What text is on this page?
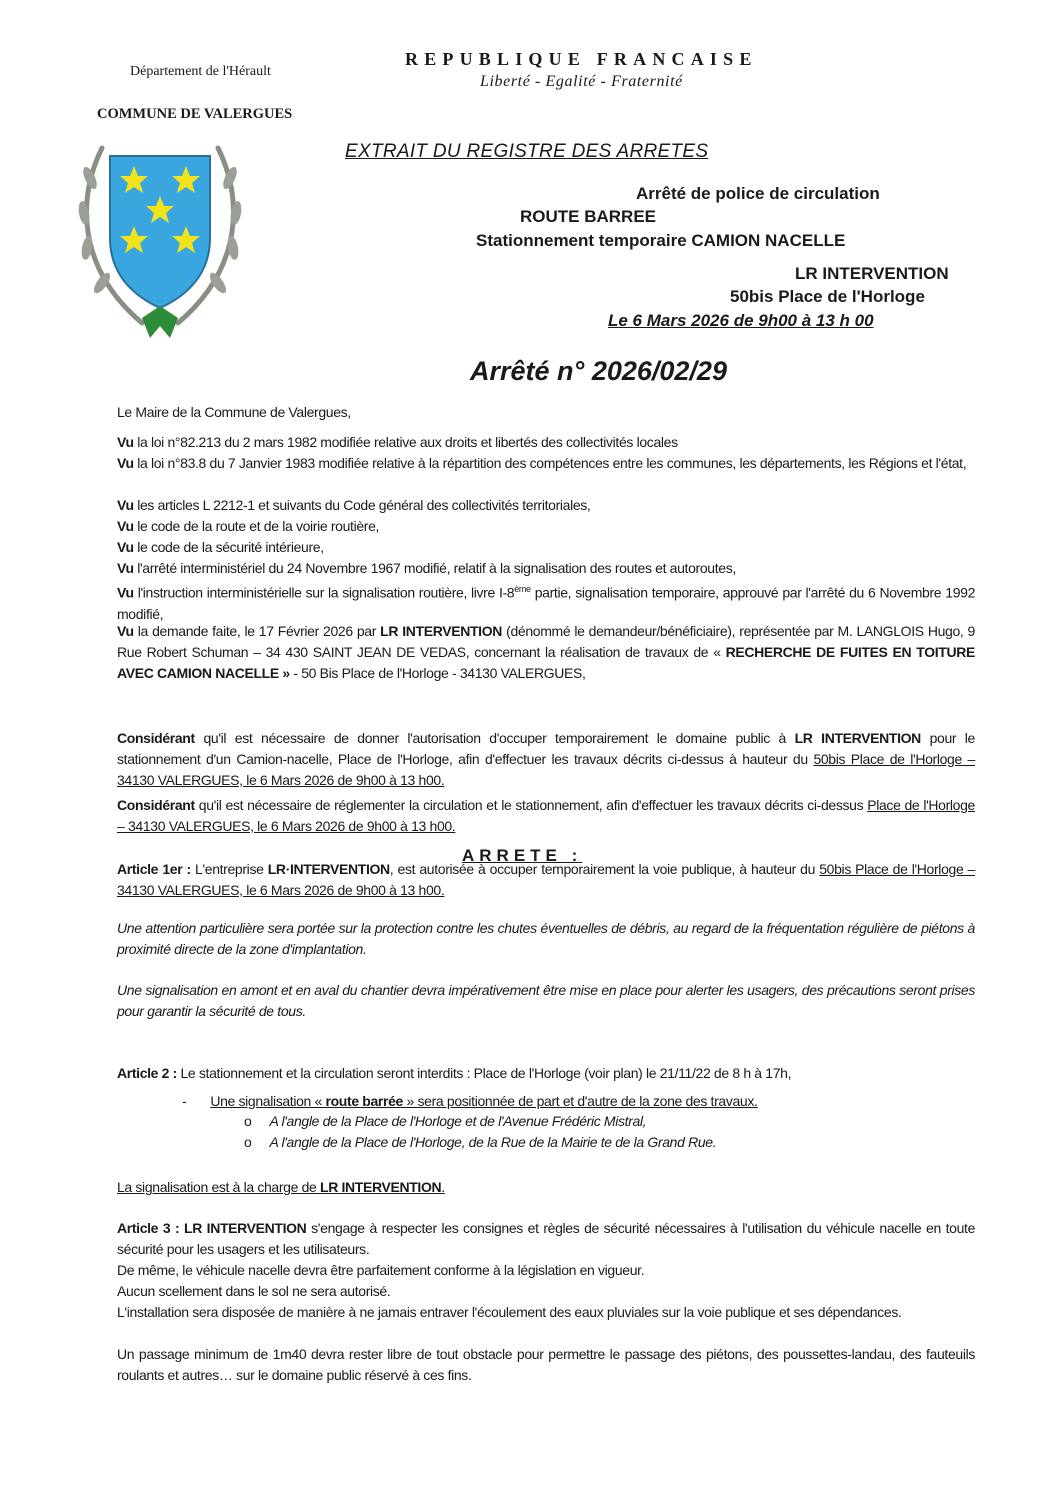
Département de l'Hérault
COMMUNE DE VALERGUES
REPUBLIQUE FRANCAISE
Liberté - Egalité - Fraternité
EXTRAIT DU REGISTRE DES ARRETES
Arrêté de police de circulation
ROUTE BARREE
Stationnement temporaire CAMION NACELLE
LR INTERVENTION
50bis Place de l'Horloge
Le 6 Mars 2026 de 9h00 à 13 h 00
Arrêté n° 2026/02/29
Le Maire de la Commune de Valergues,
Vu la loi n°82.213 du 2 mars 1982 modifiée relative aux droits et libertés des collectivités locales
Vu la loi n°83.8 du 7 Janvier 1983 modifiée relative à la répartition des compétences entre les communes, les départements, les Régions et l'état,
Vu les articles L 2212-1 et suivants du Code général des collectivités territoriales,
Vu le code de la route et de la voirie routière,
Vu le code de la sécurité intérieure,
Vu l'arrêté interministériel du 24 Novembre 1967 modifié, relatif à la signalisation des routes et autoroutes,
Vu l'instruction interministérielle sur la signalisation routière, livre I-8ème partie, signalisation temporaire, approuvé par l'arrêté du 6 Novembre 1992 modifié,
Vu la demande faite, le 17 Février 2026 par LR INTERVENTION (dénommé le demandeur/bénéficiaire), représentée par M. LANGLOIS Hugo, 9 Rue Robert Schuman – 34 430 SAINT JEAN DE VEDAS, concernant la réalisation de travaux de « RECHERCHE DE FUITES EN TOITURE AVEC CAMION NACELLE » - 50 Bis Place de l'Horloge - 34130 VALERGUES,
Considérant qu'il est nécessaire de donner l'autorisation d'occuper temporairement le domaine public à LR INTERVENTION pour le stationnement d'un Camion-nacelle, Place de l'Horloge, afin d'effectuer les travaux décrits ci-dessus à hauteur du 50bis Place de l'Horloge – 34130 VALERGUES, le 6 Mars 2026 de 9h00 à 13 h00.
Considérant qu'il est nécessaire de réglementer la circulation et le stationnement, afin d'effectuer les travaux décrits ci-dessus Place de l'Horloge – 34130 VALERGUES, le 6 Mars 2026 de 9h00 à 13 h00.
ARRETE :
Article 1er : L'entreprise LR·INTERVENTION, est autorisée à occuper temporairement la voie publique, à hauteur du 50bis Place de l'Horloge – 34130 VALERGUES, le 6 Mars 2026 de 9h00 à 13 h00.
Une attention particulière sera portée sur la protection contre les chutes éventuelles de débris, au regard de la fréquentation régulière de piétons à proximité directe de la zone d'implantation.
Une signalisation en amont et en aval du chantier devra impérativement être mise en place pour alerter les usagers, des précautions seront prises pour garantir la sécurité de tous.
Article 2 : Le stationnement et la circulation seront interdits : Place de l'Horloge (voir plan) le 21/11/22 de 8 h à 17h,
- Une signalisation « route barrée » sera positionnée de part et d'autre de la zone des travaux.
o A l'angle de la Place de l'Horloge et de l'Avenue Frédéric Mistral,
o A l'angle de la Place de l'Horloge, de la Rue de la Mairie te de la Grand Rue.
La signalisation est à la charge de LR INTERVENTION.
Article 3 : LR INTERVENTION s'engage à respecter les consignes et règles de sécurité nécessaires à l'utilisation du véhicule nacelle en toute sécurité pour les usagers et les utilisateurs.
De même, le véhicule nacelle devra être parfaitement conforme à la législation en vigueur.
Aucun scellement dans le sol ne sera autorisé.
L'installation sera disposée de manière à ne jamais entraver l'écoulement des eaux pluviales sur la voie publique et ses dépendances.
Un passage minimum de 1m40 devra rester libre de tout obstacle pour permettre le passage des piétons, des poussettes-landau, des fauteuils roulants et autres… sur le domaine public réservé à ces fins.
